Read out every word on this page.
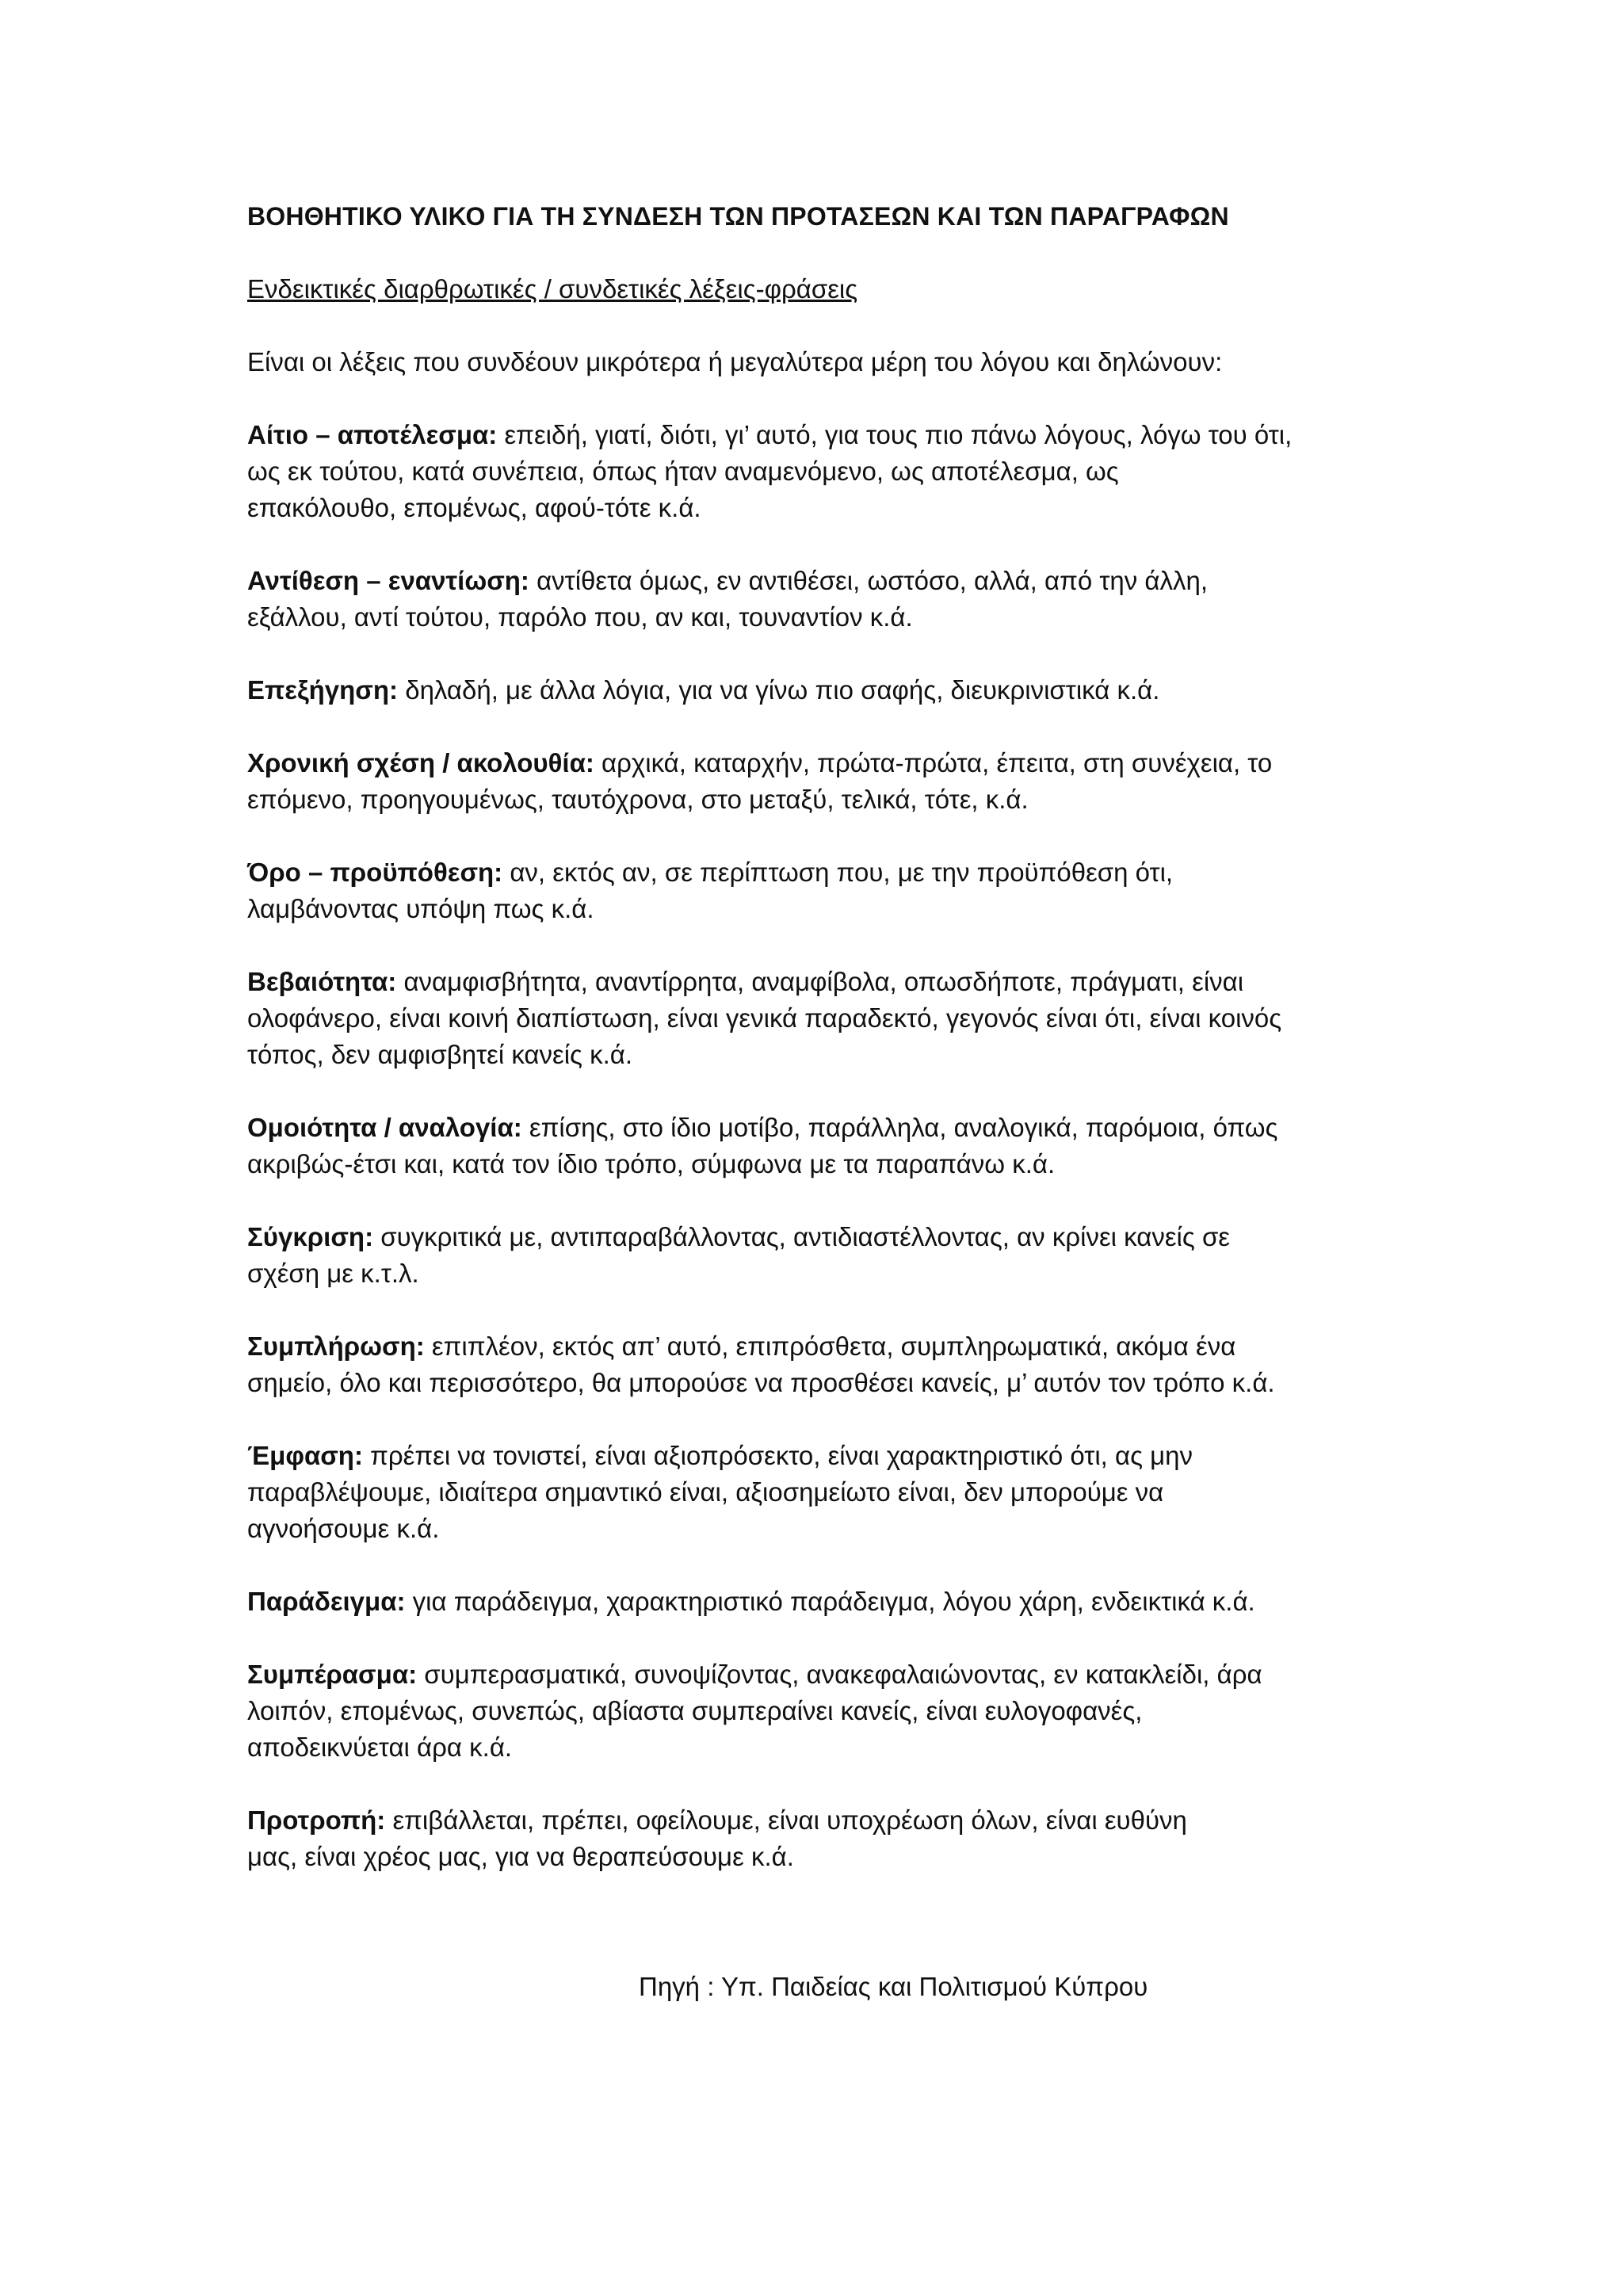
ΒΟΗΘΗΤΙΚΟ ΥΛΙΚΟ ΓΙΑ ΤΗ ΣΥΝΔΕΣΗ ΤΩΝ ΠΡΟΤΑΣΕΩΝ ΚΑΙ ΤΩΝ ΠΑΡΑΓΡΑΦΩΝ
Ενδεικτικές διαρθρωτικές / συνδετικές λέξεις-φράσεις
Είναι οι λέξεις που συνδέουν μικρότερα ή μεγαλύτερα μέρη του λόγου και δηλώνουν:
Αίτιο – αποτέλεσμα: επειδή, γιατί, διότι, γι’ αυτό, για τους πιο πάνω λόγους, λόγω του ότι,
ως εκ τούτου, κατά συνέπεια, όπως ήταν αναμενόμενο, ως αποτέλεσμα, ως
επακόλουθο, επομένως, αφού-τότε κ.ά.
Αντίθεση – εναντίωση: αντίθετα όμως, εν αντιθέσει, ωστόσο, αλλά, από την άλλη,
εξάλλου, αντί τούτου, παρόλο που, αν και, τουναντίον κ.ά.
Επεξήγηση: δηλαδή, με άλλα λόγια, για να γίνω πιο σαφής, διευκρινιστικά κ.ά.
Χρονική σχέση / ακολουθία: αρχικά, καταρχήν, πρώτα-πρώτα, έπειτα, στη συνέχεια, το
επόμενο, προηγουμένως, ταυτόχρονα, στο μεταξύ, τελικά, τότε, κ.ά.
Όρο – προϋπόθεση: αν, εκτός αν, σε περίπτωση που, με την προϋπόθεση ότι,
λαμβάνοντας υπόψη πως κ.ά.
Βεβαιότητα: αναμφισβήτητα, αναντίρρητα, αναμφίβολα, οπωσδήποτε, πράγματι, είναι
ολοφάνερο, είναι κοινή διαπίστωση, είναι γενικά παραδεκτό, γεγονός είναι ότι, είναι κοινός
τόπος, δεν αμφισβητεί κανείς κ.ά.
Ομοιότητα / αναλογία: επίσης, στο ίδιο μοτίβο, παράλληλα, αναλογικά, παρόμοια, όπως
ακριβώς-έτσι και, κατά τον ίδιο τρόπο, σύμφωνα με τα παραπάνω κ.ά.
Σύγκριση: συγκριτικά με, αντιπαραβάλλοντας, αντιδιαστέλλοντας, αν κρίνει κανείς σε
σχέση με κ.τ.λ.
Συμπλήρωση: επιπλέον, εκτός απ’ αυτό, επιπρόσθετα, συμπληρωματικά, ακόμα ένα
σημείο, όλο και περισσότερο, θα μπορούσε να προσθέσει κανείς, μ’ αυτόν τον τρόπο κ.ά.
Έμφαση: πρέπει να τονιστεί, είναι αξιοπρόσεκτο, είναι χαρακτηριστικό ότι, ας μην
παραβλέψουμε, ιδιαίτερα σημαντικό είναι, αξιοσημείωτο είναι, δεν μπορούμε να
αγνοήσουμε κ.ά.
Παράδειγμα: για παράδειγμα, χαρακτηριστικό παράδειγμα, λόγου χάρη, ενδεικτικά κ.ά.
Συμπέρασμα: συμπερασματικά, συνοψίζοντας, ανακεφαλαιώνοντας, εν κατακλείδι, άρα
λοιπόν, επομένως, συνεπώς, αβίαστα συμπεραίνει κανείς, είναι ευλογοφανές,
αποδεικνύεται άρα κ.ά.
Προτροπή: επιβάλλεται, πρέπει, οφείλουμε, είναι υποχρέωση όλων, είναι ευθύνη
μας, είναι χρέος μας, για να θεραπεύσουμε κ.ά.
Πηγή : Υπ. Παιδείας και Πολιτισμού Κύπρου
